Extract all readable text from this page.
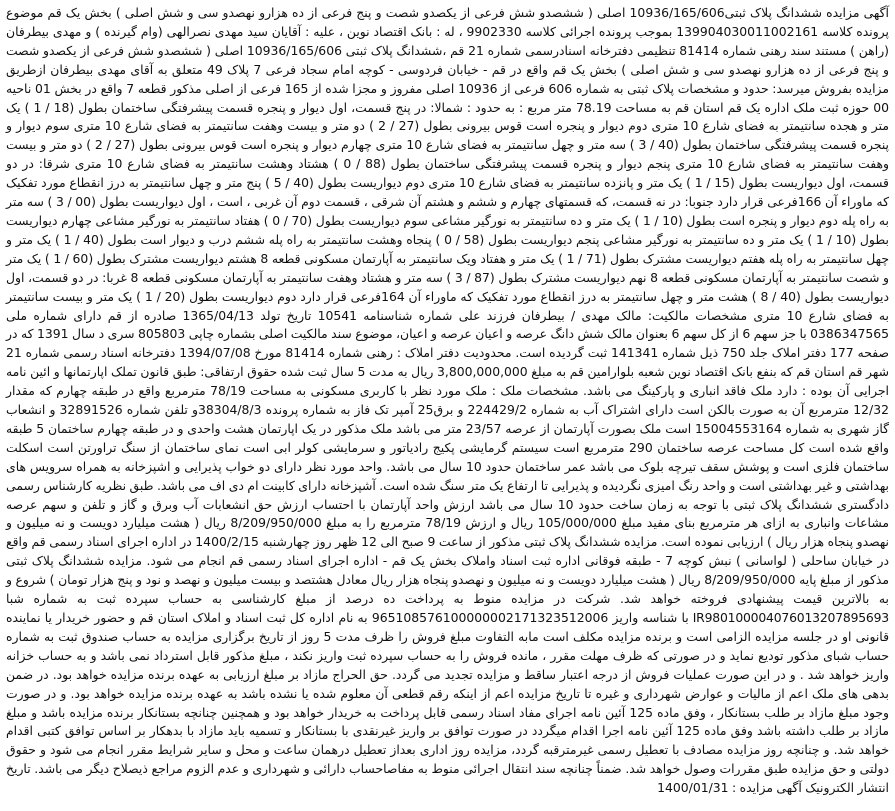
آگهی مزایده ششدانگ پلاک ثبتی10936/165/606 اصلی ( ششصدو شش فرعی از یکصدو شصت و پنج فرعی از ده هزارو نهصدو سی و شش اصلی ) بخش یک قم موضوع پرونده کلاسه 139904030011002161 بموجب پرونده اجرائی کلاسه 9902330 ، له : بانک اقتصاد نوین ، علیه : آقایان سید مهدی نصرالهی (وام گیرنده ) و مهدی بیطرفان (راهن ) مستند سند رهنی شماره 81414 تنظیمی دفترخانه اسنادرسمی شماره 21 قم ،ششدانگ پلاک ثبتی 10936/165/606 اصلی ( ششصدو شش فرعی از یکصدو شصت و پنج فرعی از ده هزارو نهصدو سی و شش اصلی ) بخش یک قم واقع در قم - خیابان فردوسی - کوچه امام سجاد فرعی 7 پلاک 49 متعلق به آقای مهدی بیطرفان ازطریق مزایده بفروش میرسد: حدود و مشخصات پلاک ثبتی به شماره 606 فرعی از 10936 اصلی مفروز و مجزا شده از 165 فرعی از اصلی مذکور قطعه 7 واقع در بخش 01 ناحیه 00 حوزه ثبت ملک اداره یک قم استان قم به مساحت 78.19 متر مربع : به حدود : شمالا: در پنج قسمت، اول دیوار و پنجره قسمت پیشرفتگی ساختمان بطول (18 / 1 ) یک متر و هجده سانتیمتر به فضای شارع 10 متری دوم دیوار و پنجره است قوس بیرونی بطول (27 / 2 ) دو متر و بیست وهفت سانتیمتر به فضای شارع 10 متری سوم دیوار و پنجره قسمت پیشرفتگی ساختمان بطول (40 / 3 ) سه متر و چهل سانتیمتر به فضای شارع 10 متری چهارم دیوار و پنجره است قوس بیرونی بطول (27 / 2 ) دو متر و بیست وهفت سانتیمتر به فضای شارع 10 متری پنجم دیوار و پنجره قسمت پیشرفتگی ساختمان بطول (88 / 0 ) هشتاد وهشت سانتیمتر به فضای شارع 10 متری شرقا: در دو قسمت، اول دیواریست بطول (15 / 1 ) یک متر و پانزده سانتیمتر به فضای شارع 10 متری دوم دیواریست بطول (40 / 5 ) پنج متر و چهل سانتیمتر به درز انقطاع مورد تفکیک که ماوراء آن 166فرعی قرار دارد جنوبا: در نه قسمت، که قسمتهای چهارم و ششم و هشتم آن شرقی ، قسمت دوم آن غربی ، است ، اول دیواریست بطول (00 / 3 ) سه متر به راه پله دوم دیوار و پنجره است بطول (10 / 1 ) یک متر و ده سانتیمتر به نورگیر مشاعی سوم دیواریست بطول (70 / 0 ) هفتاد سانتیمتر به نورگیر مشاعی چهارم دیواریست بطول (10 / 1 ) یک متر و ده سانتیمتر به نورگیر مشاعی پنجم دیواریست بطول (58 / 0 ) پنجاه وهشت سانتیمتر به راه پله ششم درب و دیوار است بطول (40 / 1 ) یک متر و چهل سانتیمتر به راه پله هفتم دیواریست مشترک بطول (71 / 1 ) یک متر و هفتاد ویک سانتیمتر به آپارتمان مسکونی قطعه 8 هشتم دیواریست مشترک بطول (60 / 1 ) یک متر و شصت سانتیمتر به آپارتمان مسکونی قطعه 8 نهم دیواریست مشترک بطول (87 / 3 ) سه متر و هشتاد وهفت سانتیمتر به آپارتمان مسکونی قطعه 8 غربا: در دو قسمت، اول دیواریست بطول (40 / 8 ) هشت متر و چهل سانتیمتر به درز انقطاع مورد تفکیک که ماوراء آن 164فرعی قرار دارد دوم دیواریست بطول (20 / 1 ) یک متر و بیست سانتیمتر به فضای شارع 10 متری مشخصات مالکیت: مالک مهدی / بیطرفان فرزند علی شماره شناسنامه 10541 تاریخ تولد 1365/04/13 صادره از قم دارای شماره ملی 0386347565 با جز سهم 6 از کل سهم 6 بعنوان مالک شش دانگ عرصه و اعیان عرصه و اعیان، موضوع سند مالکیت اصلی بشماره چاپی 805803 سری د سال 1391 که در صفحه 177 دفتر املاک جلد 750 ذیل شماره 141341 ثبت گردیده است. محدودیت دفتر املاک : رهنی شماره 81414 مورخ 1394/07/08 دفترخانه اسناد رسمی شماره 21 شهر قم استان قم که بنفع بانک اقتصاد نوین شعبه بلوارامین قم به مبلغ 3,800,000,000 ریال به مدت 5 سال ثبت شده حقوق ارتفاقی: طبق قانون تملک اپارتمانها و ائین نامه اجرایی آن بوده : دارد ملک فاقد انباری و پارکینگ می باشد. مشخصات ملک : ملک مورد نظر با کاربری مسکونی به مساحت 78/19 مترمربع واقع در طبقه چهارم که مقدار 12/32 مترمربع آن به صورت بالکن است دارای اشتراک آب به شماره 224429/2 و برق25 آمپر تک فاز به شماره پرونده 38304/8/3و تلفن شماره 32891526 و انشعاب گاز شهری به شماره 15004553164 است ملک بصورت آپارتمان از عرصه 23/57 متر می باشد ملک مذکور در یک اپارتمان هشت واحدی و در طبقه چهارم ساختمان 5 طبقه واقع شده است کل مساحت عرصه ساختمان 290 مترمربع است سیستم گرمایشی پکیج رادیاتور و سرمایشی کولر ابی است نمای ساختمان از سنگ تراورتن است اسکلت ساختمان فلزی است و پوشش سقف تیرچه بلوک می باشد عمر ساختمان حدود 10 سال می باشد. واحد مورد نظر دارای دو خواب پذیرایی و اشپزخانه به همراه سرویس های بهداشتی و غیر بهداشتی است و واحد رنگ امیزی نگردیده و پذیرایی تا ارتفاع یک متر سنگ شده است. آشپزخانه دارای کابینت ام دی اف می باشد. طبق نظریه کارشناس رسمی دادگستری ششدانگ پلاک ثبتی با توجه به زمان ساخت حدود 10 سال می باشد ارزش واحد آپارتمان با احتساب ارزش حق انشعابات آب وبرق و گاز و تلفن و سهم عرصه مشاعات وانباری به ازای هر مترمربع بنای مفید مبلغ 105/000/000 ریال و ارزش 78/19 مترمربع را به مبلغ 8/209/950/000 ریال ( هشت میلیارد دویست و نه میلیون و نهصدو پنجاه هزار ریال ) ارزیابی نموده است. مزایده ششدانگ پلاک ثبتی مذکور از ساعت 9 صبح الی 12 ظهر روز چهارشنبه 1400/2/15 در اداره اجرای اسناد رسمی قم واقع در خیابان ساحلی ( لواسانی ) نبش کوچه 7 - طبقه فوقانی اداره ثبت اسناد واملاک بخش یک قم - اداره اجرای اسناد رسمی قم انجام می شود. مزایده ششدانگ پلاک ثبتی مذکور از مبلغ پایه 8/209/950/000 ریال ( هشت میلیارد دویست و نه میلیون و نهصدو پنجاه هزار ریال معادل هشتصد و بیست میلیون و نهصد و نود و پنج هزار تومان ) شروع و به بالاترین قیمت پیشنهادی فروخته خواهد شد. شرکت در مزایده منوط به پرداخت ده درصد از مبلغ کارشناسی به حساب سپرده ثبت به شماره شبا IR980100004076013207895693 با شناسه واریز 965108576100000002171323512006 به نام اداره کل ثبت اسناد و املاک استان قم و حضور خریدار یا نماینده قانونی او در جلسه مزایده الزامی است و برنده مزایده مکلف است مابه التفاوت مبلغ فروش را ظرف مدت 5 روز از تاریخ برگزاری مزایده به حساب صندوق ثبت به شماره حساب شبای مذکور تودیع نماید و در صورتی که ظرف مهلت مقرر ، مانده فروش را به حساب سپرده ثبت واریز نکند ، مبلغ مذکور قابل استرداد نمی باشد و به حساب خزانه واریز خواهد شد . و در این صورت عملیات فروش از درجه اعتبار ساقط و مزایده تجدید می گردد. حق الحراج مازاد بر مبلغ ارزیابی به عهده برنده مزایده خواهد بود. در ضمن بدهی های ملک اعم از مالیات و عوارض شهرداری و غیره تا تاریخ مزایده اعم از اینکه رقم قطعی آن معلوم شده یا نشده باشد به عهده برنده مزایده خواهد بود. و در صورت وجود مبلغ مازاد بر طلب بستانکار ، وفق ماده 125 آئین نامه اجرای مفاد اسناد رسمی قابل پرداخت به خریدار خواهد بود و همچنین چنانچه بستانکار برنده مزایده باشد و مبلغ مازاد بر طلب داشته باشد وفق ماده 125 آئین نامه اجرا اقدام میگردد در صورت توافق بر واریز غیرنقدی با بستانکار و تسمیه باید مازاد با بدهکار بر اساس توافق کتبی اقدام خواهد شد. و چنانچه روز مزایده مصادف با تعطیل رسمی غیرمترقبه گردد، مزایده روز اداری بعداز تعطیل درهمان ساعت و محل و سایر شرایط مقرر انجام می شود و حقوق دولتی و حق مزایده طبق مقررات وصول خواهد شد. ضمناً چنانچه سند انتقال اجرائی منوط به مفاصاحساب دارائی و شهرداری و عدم الزوم مراجع ذیصلاح دیگر می باشد. تاریخ انتشار الکترونیک آگهی مزایده : 1400/01/31
